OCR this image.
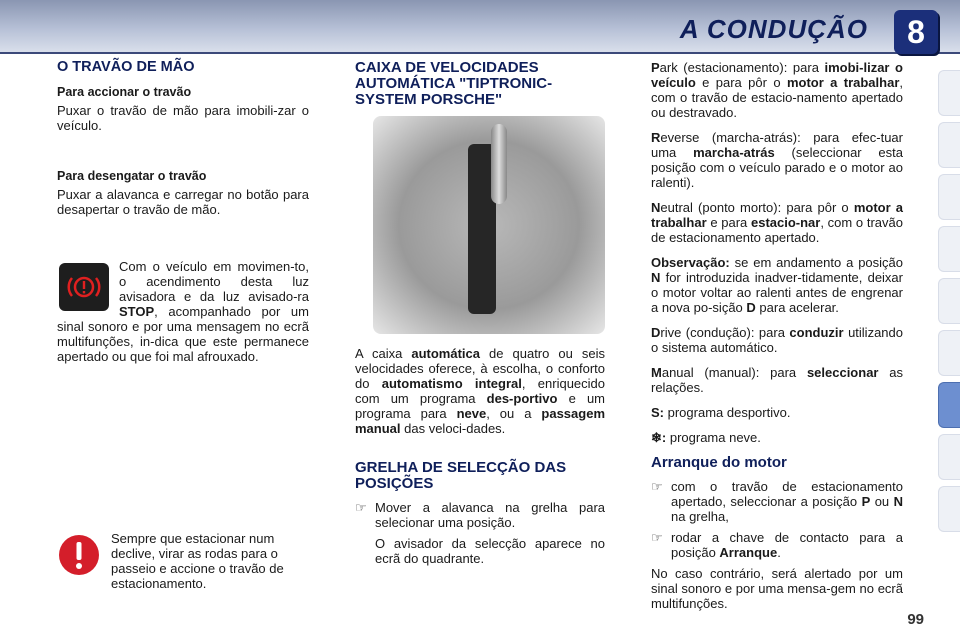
A CONDUÇÃO	8
O TRAVÃO DE MÃO
Para accionar o travão

Puxar o travão de mão para imobili-zar o veículo.

Para desengatar o travão

Puxar a alavanca e carregar no botão para desapertar o travão de mão.

Com o veículo em movimen-to, o acendimento desta luz avisadora e da luz avisado-ra STOP, acompanhado por um sinal sonoro e por uma mensagem no ecrã multifunções, in-dica que este permanece apertado ou que foi mal afrouxado.

Sempre que estacionar num declive, virar as rodas para o passeio e accione o travão de estacionamento.
CAIXA DE VELOCIDADES AUTOMÁTICA "TIPTRONIC-SYSTEM PORSCHE"

A caixa automática de quatro ou seis velocidades oferece, à escolha, o conforto do automatismo integral, enriquecido com um programa des-portivo e um programa para neve, ou a passagem manual das veloci-dades.

GRELHA DE SELECÇÃO DAS POSIÇÕES
☞ Mover a alavanca na grelha para selecionar uma posição.

O avisador da selecção aparece no ecrã do quadrante.

Park (estacionamento): para imobi-lizar o veículo e para pôr o motor a trabalhar, com o travão de estacio-namento apertado ou destravado.

Reverse (marcha-atrás): para efec-tuar uma marcha-atrás (seleccionar esta posição com o veículo parado e o motor ao ralenti).

Neutral (ponto morto): para pôr o motor a trabalhar e para estacio-nar, com o travão de estacionamento apertado.

Observação: se em andamento a posição N for introduzida inadver-tidamente, deixar o motor voltar ao ralenti antes de engrenar a nova po-sição D para acelerar.

Drive (condução): para conduzir utilizando o sistema automático.

Manual (manual): para seleccionar as relações.

S: programa desportivo.

❄: programa neve.

Arranque do motor
☞ com o travão de estacionamento apertado, seleccionar a posição P ou N na grelha,
☞ rodar a chave de contacto para a posição Arranque.

No caso contrário, será alertado por um sinal sonoro e por uma mensa-gem no ecrã multifunções.

99
